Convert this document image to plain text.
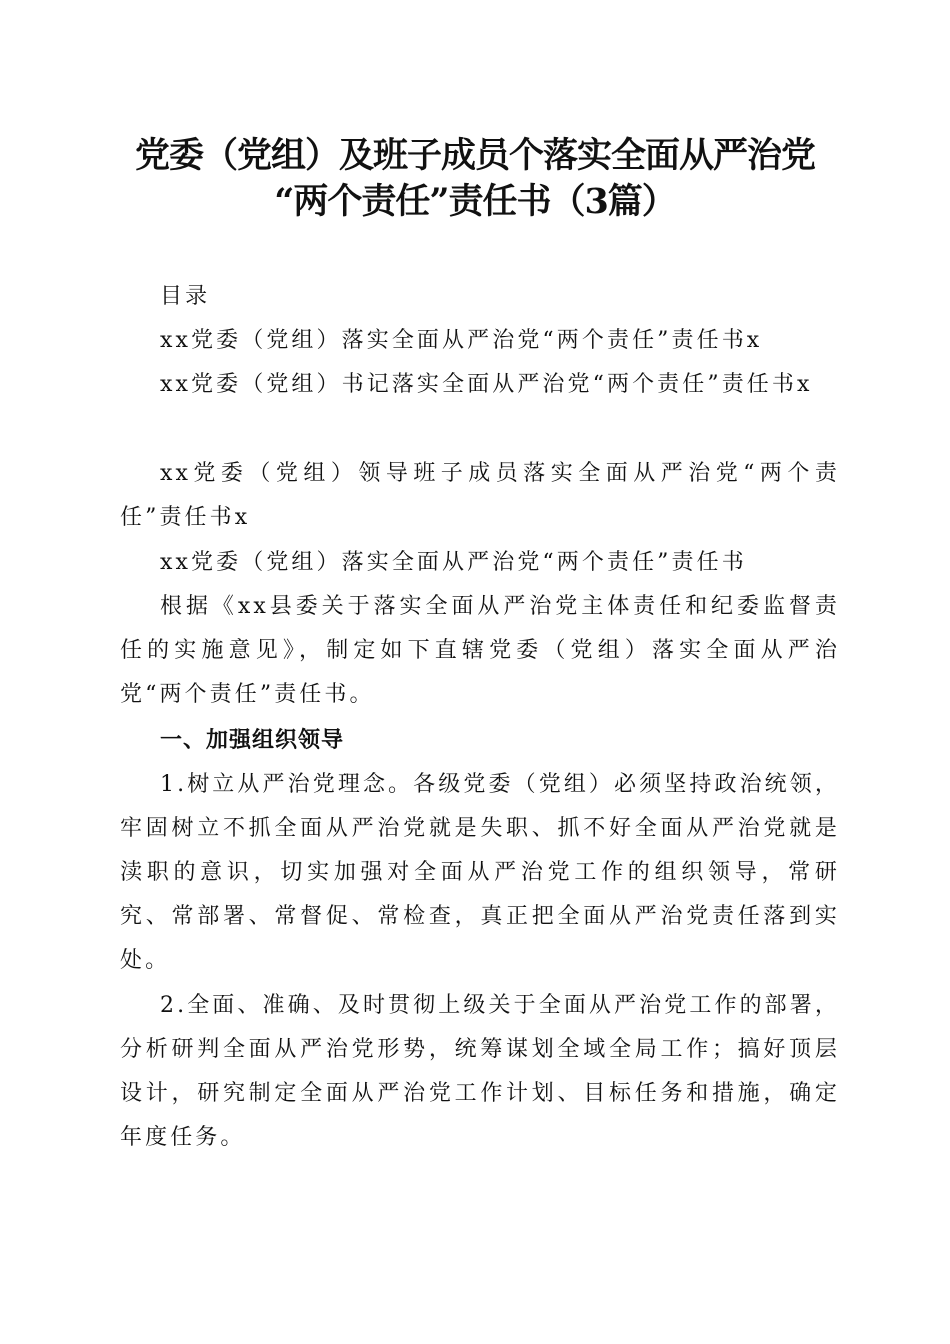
党委（党组）及班子成员个落实全面从严治党
“两个责任”责任书（3篇）

目录

xx党委（党组）落实全面从严治党“两个责任”责任书x

xx党委（党组）书记落实全面从严治党“两个责任”责任书x

xx党委（党组）领导班子成员落实全面从严治党“两个责任”责任书x

xx党委（党组）落实全面从严治党“两个责任”责任书

根据《xx县委关于落实全面从严治党主体责任和纪委监督责任的实施意见》，制定如下直辖党委（党组）落实全面从严治党“两个责任”责任书。

一、加强组织领导

1.树立从严治党理念。各级党委（党组）必须坚持政治统领，牢固树立不抓全面从严治党就是失职、抓不好全面从严治党就是渎职的意识，切实加强对全面从严治党工作的组织领导，常研究、常部署、常督促、常检查，真正把全面从严治党责任落到实处。

2.全面、准确、及时贯彻上级关于全面从严治党工作的部署，分析研判全面从严治党形势，统筹谋划全域全局工作；搞好顶层设计，研究制定全面从严治党工作计划、目标任务和措施，确定年度任务。
